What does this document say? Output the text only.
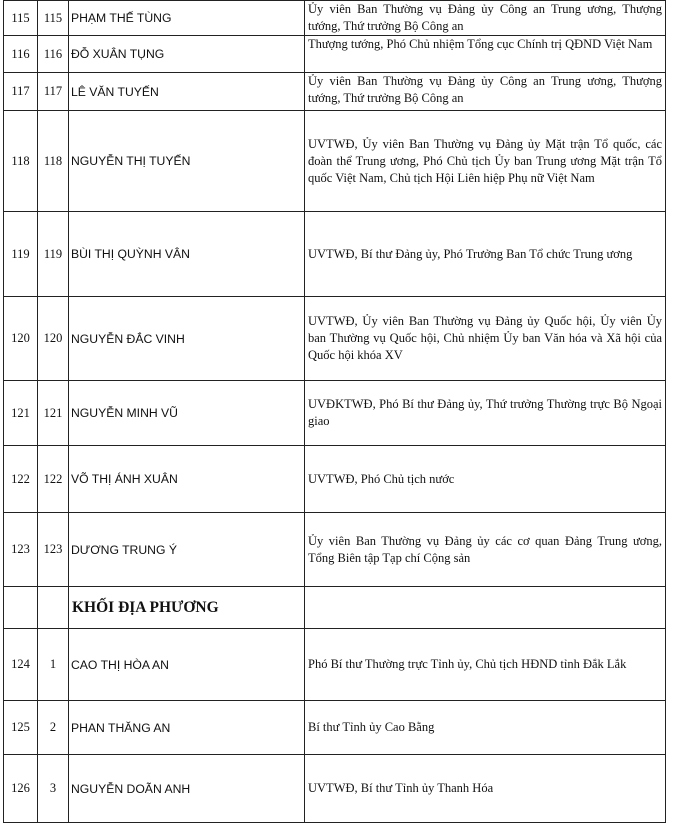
115	115	PHẠM THẾ TÙNG	Ủy viên Ban Thường vụ Đảng ủy Công an Trung ương, Thượng tướng, Thứ trưởng Bộ Công an
116	116	ĐỖ XUÂN TỤNG	Thượng tướng, Phó Chủ nhiệm Tổng cục Chính trị QĐND Việt Nam
117	117	LÊ VĂN TUYẾN	Ủy viên Ban Thường vụ Đảng ủy Công an Trung ương, Thượng tướng, Thứ trưởng Bộ Công an
118	118	NGUYỄN THỊ TUYẾN	UVTWĐ, Ủy viên Ban Thường vụ Đảng ủy Mặt trận Tổ quốc, các đoàn thể Trung ương, Phó Chủ tịch Ủy ban Trung ương Mặt trận Tổ quốc Việt Nam, Chủ tịch Hội Liên hiệp Phụ nữ Việt Nam
119	119	BÙI THỊ QUỲNH VÂN	UVTWĐ, Bí thư Đảng ủy, Phó Trưởng Ban Tổ chức Trung ương
120	120	NGUYỄN ĐẮC VINH	UVTWĐ, Ủy viên Ban Thường vụ Đảng ủy Quốc hội, Ủy viên Ủy ban Thường vụ Quốc hội, Chủ nhiệm Ủy ban Văn hóa và Xã hội của Quốc hội khóa XV
121	121	NGUYỄN MINH VŨ	UVĐKTWĐ, Phó Bí thư Đảng ủy, Thứ trưởng Thường trực Bộ Ngoại giao
122	122	VÕ THỊ ÁNH XUÂN	UVTWĐ, Phó Chủ tịch nước
123	123	DƯƠNG TRUNG Ý	Ủy viên Ban Thường vụ Đảng ủy các cơ quan Đảng Trung ương, Tổng Biên tập Tạp chí Cộng sản
		KHỐI ĐỊA PHƯƠNG	
124	1	CAO THỊ HÒA AN	Phó Bí thư Thường trực Tỉnh ủy, Chủ tịch HĐND tỉnh Đắk Lắk
125	2	PHAN THĂNG AN	Bí thư Tỉnh ủy Cao Bằng
126	3	NGUYỄN DOÃN ANH	UVTWĐ, Bí thư Tỉnh ủy Thanh Hóa
